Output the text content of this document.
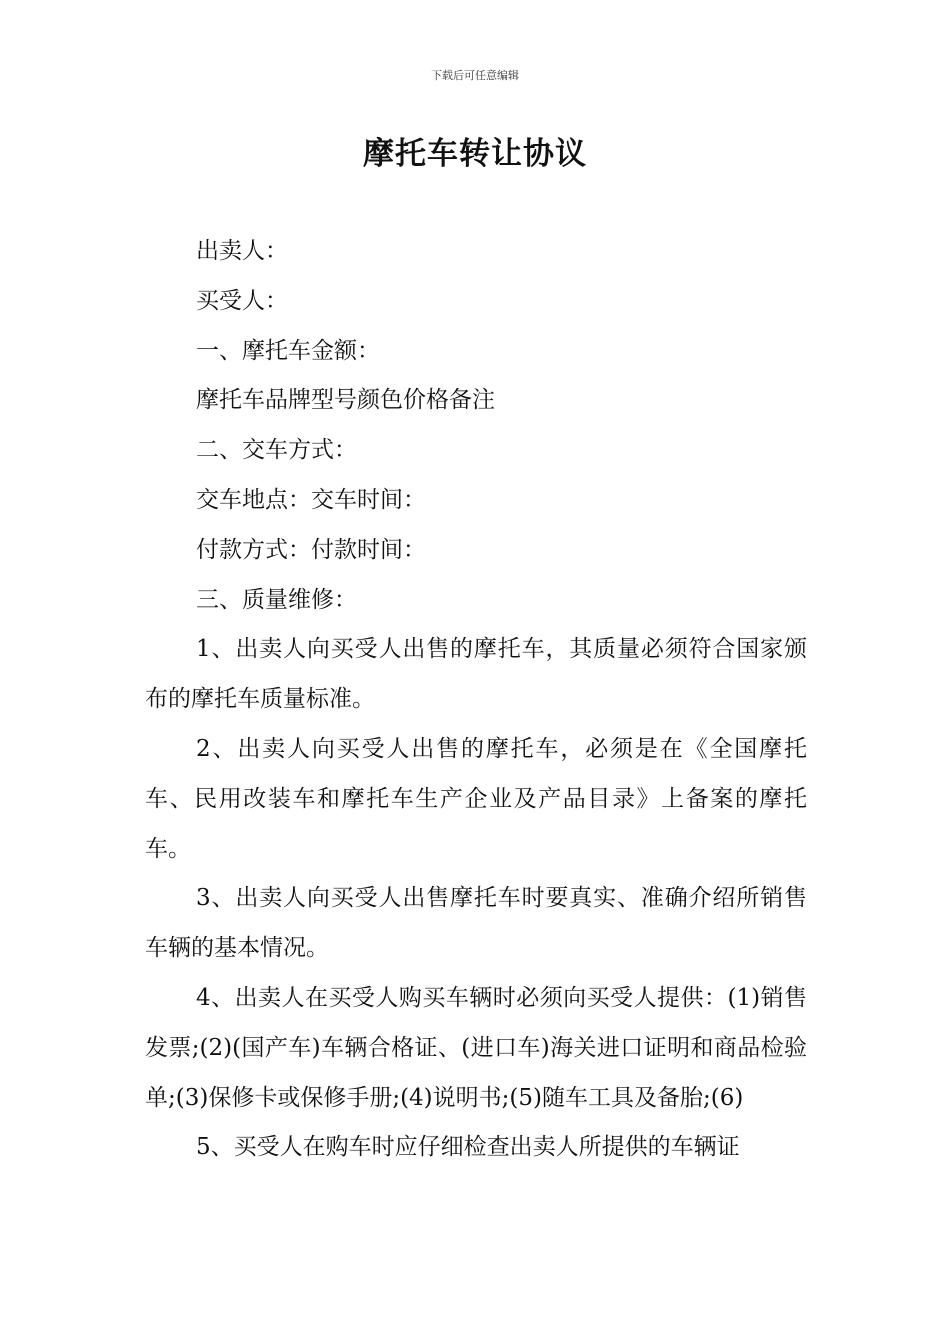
下载后可任意编辑
摩托车转让协议

出卖人：

买受人：

一、摩托车金额：

摩托车品牌型号颜色价格备注

二、交车方式：

交车地点：交车时间：

付款方式：付款时间：

三、质量维修：

1、出卖人向买受人出售的摩托车，其质量必须符合国家颁布的摩托车质量标准。

2、出卖人向买受人出售的摩托车，必须是在《全国摩托车、民用改装车和摩托车生产企业及产品目录》上备案的摩托车。

3、出卖人向买受人出售摩托车时要真实、准确介绍所销售车辆的基本情况。

4、出卖人在买受人购买车辆时必须向买受人提供：(1)销售发票;(2)(国产车)车辆合格证、(进口车)海关进口证明和商品检验单;(3)保修卡或保修手册;(4)说明书;(5)随车工具及备胎;(6)

5、买受人在购车时应仔细检查出卖人所提供的车辆证
